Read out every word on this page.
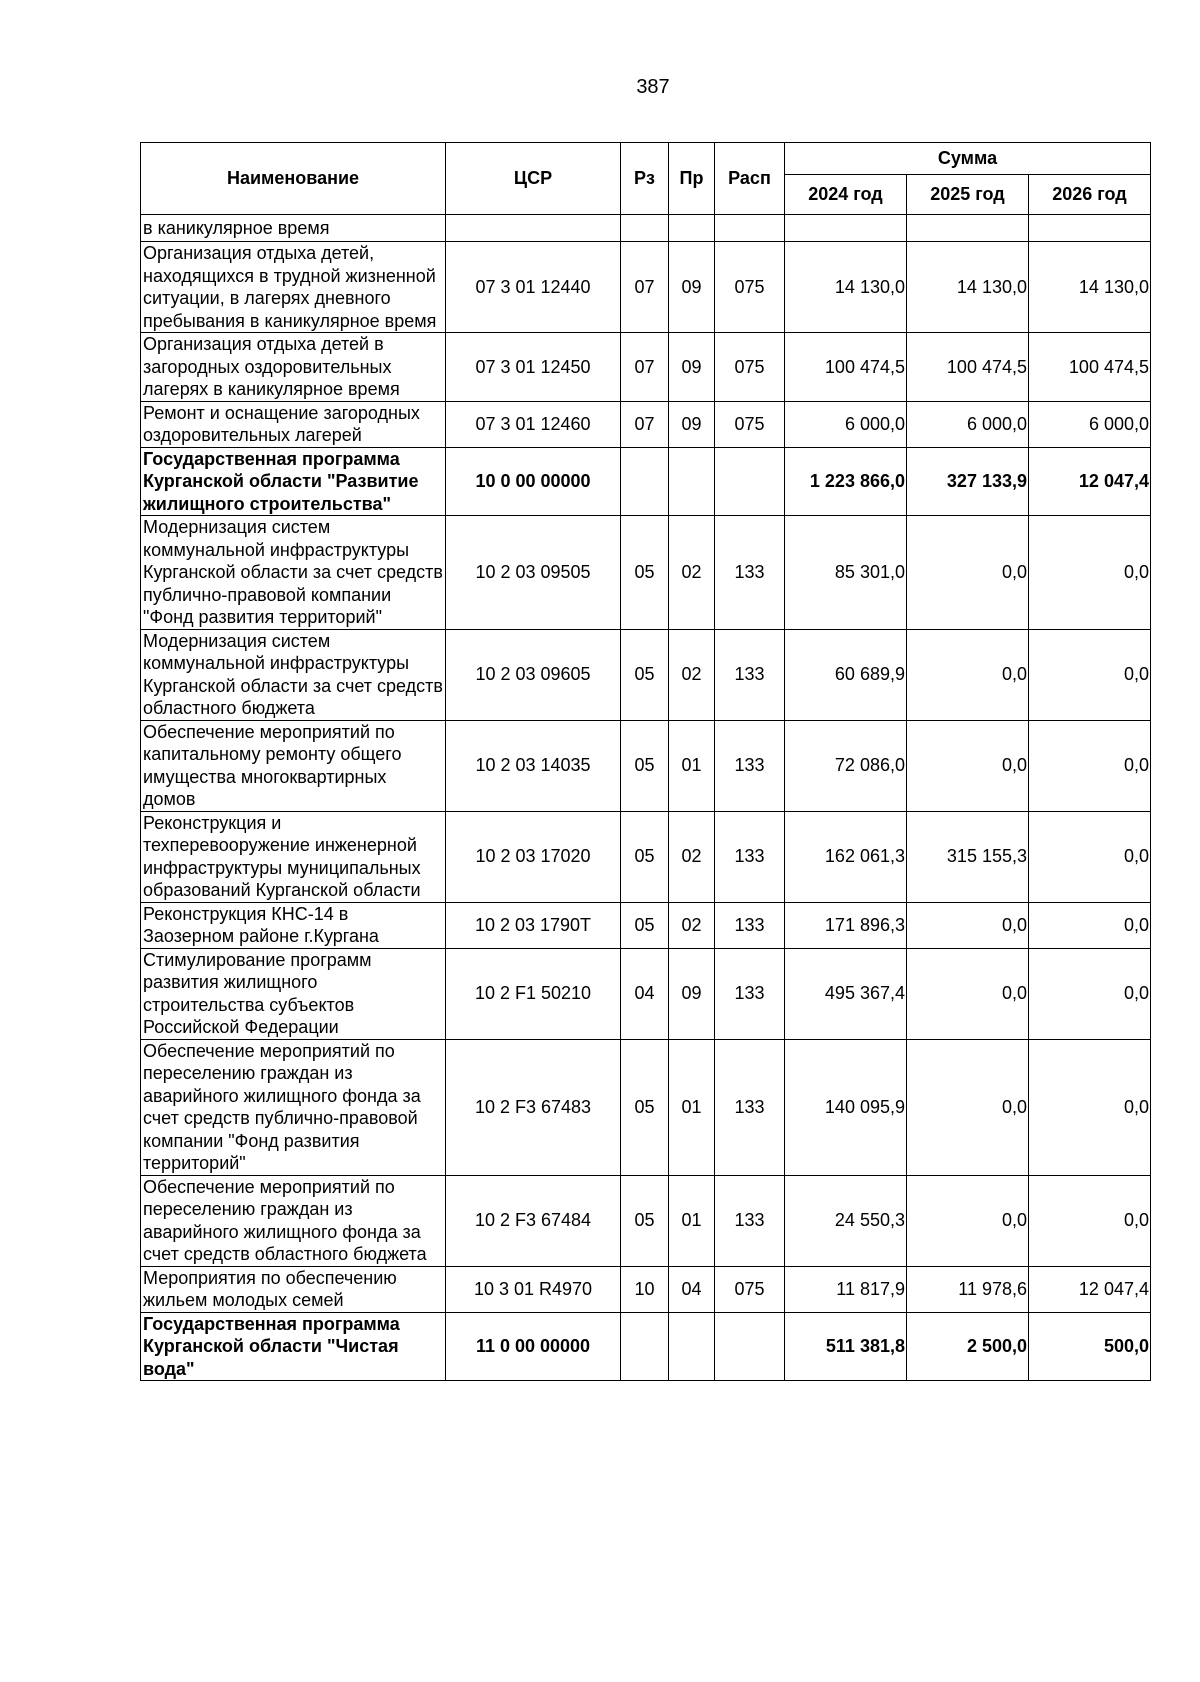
387
Наименование	ЦСР	Рз	Пр	Расп	Сумма		
					2024 год	2025 год	2026 год
в каникулярное время							
Организация отдыха детей, находящихся в трудной жизненной ситуации, в лагерях дневного пребывания в каникулярное время	07 3 01 12440	07	09	075	14 130,0	14 130,0	14 130,0
Организация отдыха детей в загородных оздоровительных лагерях в каникулярное время	07 3 01 12450	07	09	075	100 474,5	100 474,5	100 474,5
Ремонт и оснащение загородных оздоровительных лагерей	07 3 01 12460	07	09	075	6 000,0	6 000,0	6 000,0
Государственная программа Курганской области "Развитие жилищного строительства"	10 0 00 00000				1 223 866,0	327 133,9	12 047,4
Модернизация систем коммунальной инфраструктуры Курганской области за счет средств публично-правовой компании "Фонд развития территорий"	10 2 03 09505	05	02	133	85 301,0	0,0	0,0
Модернизация систем коммунальной инфраструктуры Курганской области за счет средств областного бюджета	10 2 03 09605	05	02	133	60 689,9	0,0	0,0
Обеспечение мероприятий по капитальному ремонту общего имущества многоквартирных домов	10 2 03 14035	05	01	133	72 086,0	0,0	0,0
Реконструкция и техперевооружение инженерной инфраструктуры муниципальных образований Курганской области	10 2 03 17020	05	02	133	162 061,3	315 155,3	0,0
Реконструкция КНС-14 в Заозерном районе г.Кургана	10 2 03 1790Т	05	02	133	171 896,3	0,0	0,0
Стимулирование программ развития жилищного строительства субъектов Российской Федерации	10 2 F1 50210	04	09	133	495 367,4	0,0	0,0
Обеспечение мероприятий по переселению граждан из аварийного жилищного фонда за счет средств публично-правовой компании "Фонд развития территорий"	10 2 F3 67483	05	01	133	140 095,9	0,0	0,0
Обеспечение мероприятий по переселению граждан из аварийного жилищного фонда за счет средств областного бюджета	10 2 F3 67484	05	01	133	24 550,3	0,0	0,0
Мероприятия по обеспечению жильем молодых семей	10 3 01 R4970	10	04	075	11 817,9	11 978,6	12 047,4
Государственная программа Курганской области "Чистая вода"	11 0 00 00000				511 381,8	2 500,0	500,0
